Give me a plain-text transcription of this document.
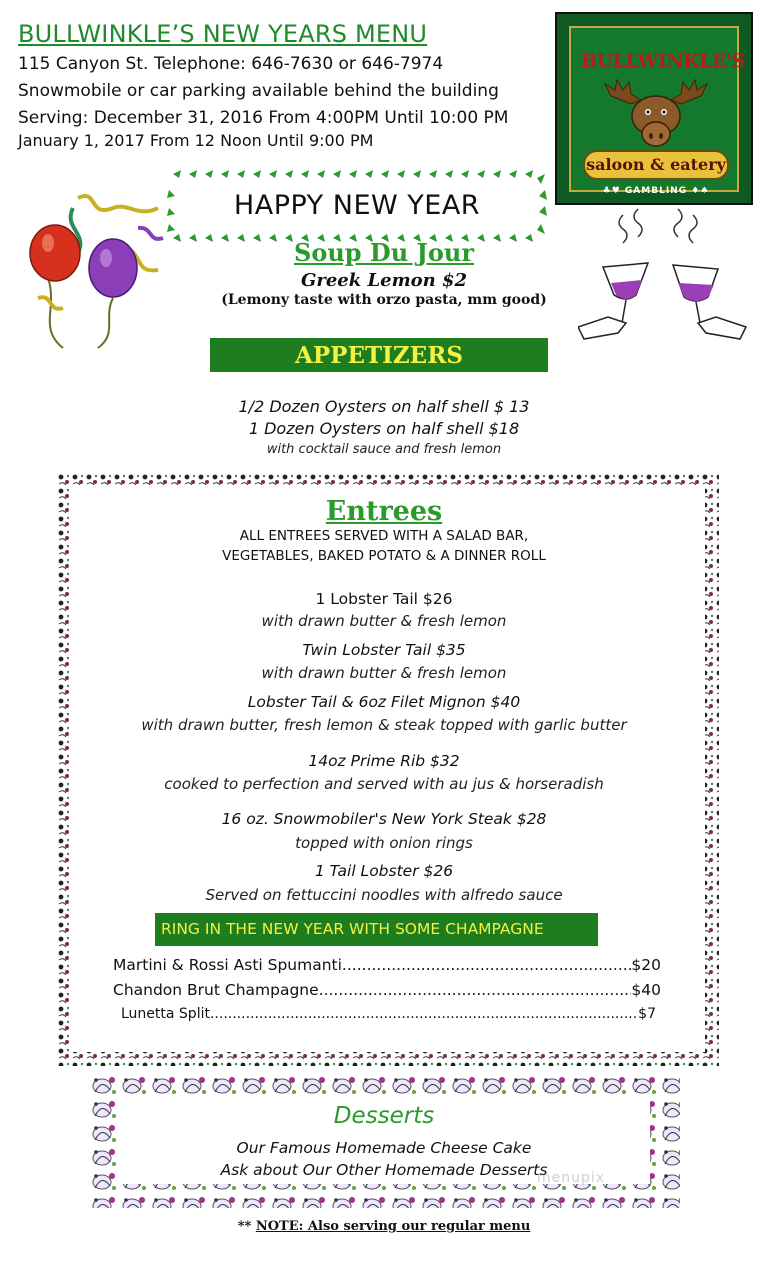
BULLWINKLE’S NEW YEARS MENU
115 Canyon St. Telephone: 646-7630 or 646-7974
Snowmobile or car parking available behind the building
Serving: December 31, 2016 From 4:00PM Until 10:00 PM
January 1, 2017 From 12 Noon Until 9:00 PM
BULLWINKLE'S
saloon & eatery
♣♥ GAMBLING ♦♠
HAPPY NEW YEAR
Soup Du Jour
Greek Lemon $2
(Lemony taste with orzo pasta, mm good)
APPETIZERS
1/2 Dozen Oysters on half shell $ 13
1 Dozen Oysters on half shell $18
with cocktail sauce and fresh lemon
Entrees
ALL ENTREES SERVED WITH A SALAD BAR,
VEGETABLES, BAKED POTATO & A DINNER ROLL
1 Lobster Tail $26
with drawn butter & fresh lemon
Twin Lobster Tail $35
with drawn butter & fresh lemon
Lobster Tail & 6oz Filet Mignon $40
with drawn butter, fresh lemon & steak topped with garlic butter
14oz Prime Rib $32
cooked to perfection and served with au jus & horseradish
16 oz. Snowmobiler's New York Steak $28
topped with onion rings
1 Tail Lobster $26
Served on fettuccini noodles with alfredo sauce
RING IN THE NEW YEAR WITH SOME CHAMPAGNE
Martini & Rossi Asti Spumanti.. .....	$20
Chandon Brut Champagne .....	$40
Lunetta Split .....	$7
Desserts
Our Famous Homemade Cheese Cake
Ask about Our Other Homemade Desserts
menupix
** NOTE: Also serving our regular menu
